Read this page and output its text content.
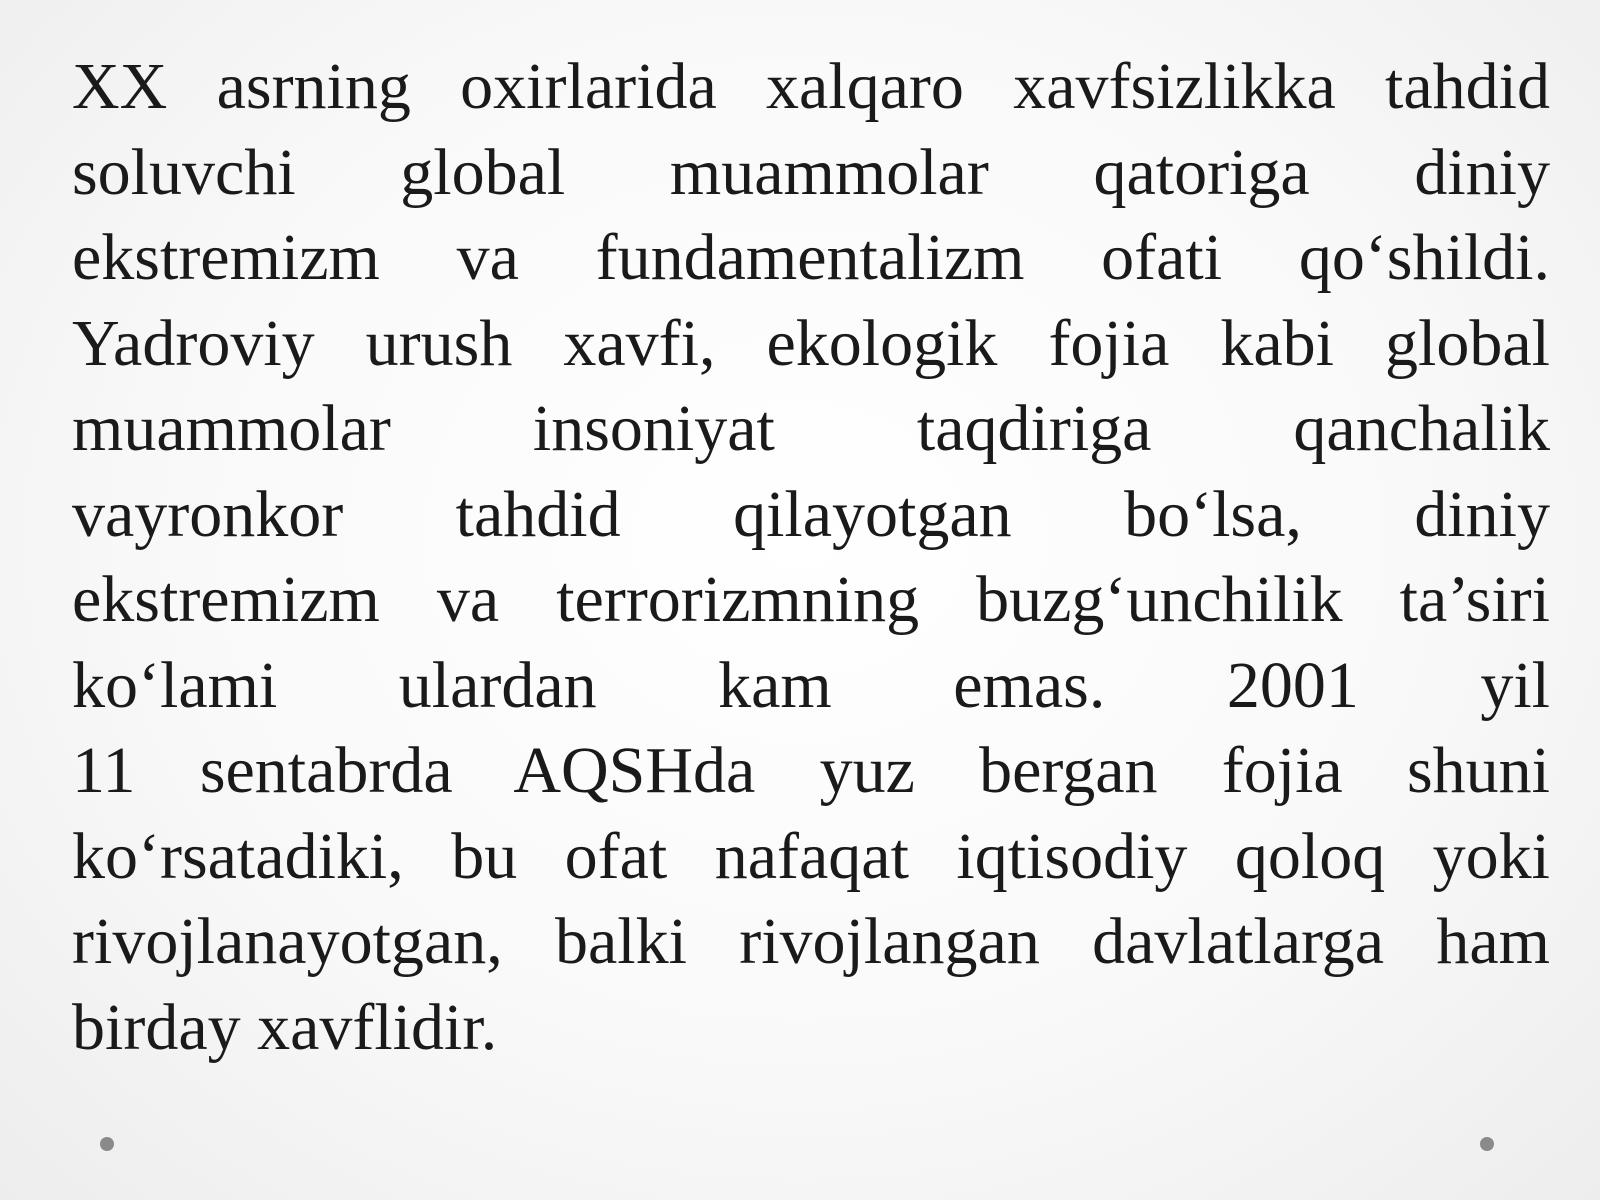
XX asrning oxirlarida xalqaro xavfsizlikka tahdid
soluvchi global muammolar qatoriga diniy
ekstremizm va fundamentalizm ofati qo‘shildi.
Yadroviy urush xavfi, ekologik fojia kabi global
muammolar insoniyat taqdiriga qanchalik
vayronkor tahdid qilayotgan bo‘lsa, diniy
ekstremizm va terrorizmning buzg‘unchilik ta’siri
ko‘lami ulardan kam emas. 2001 yil
11 sentabrda AQSHda yuz bergan fojia shuni
ko‘rsatadiki, bu ofat nafaqat iqtisodiy qoloq yoki
rivojlanayotgan, balki rivojlangan davlatlarga ham
birday xavflidir.
